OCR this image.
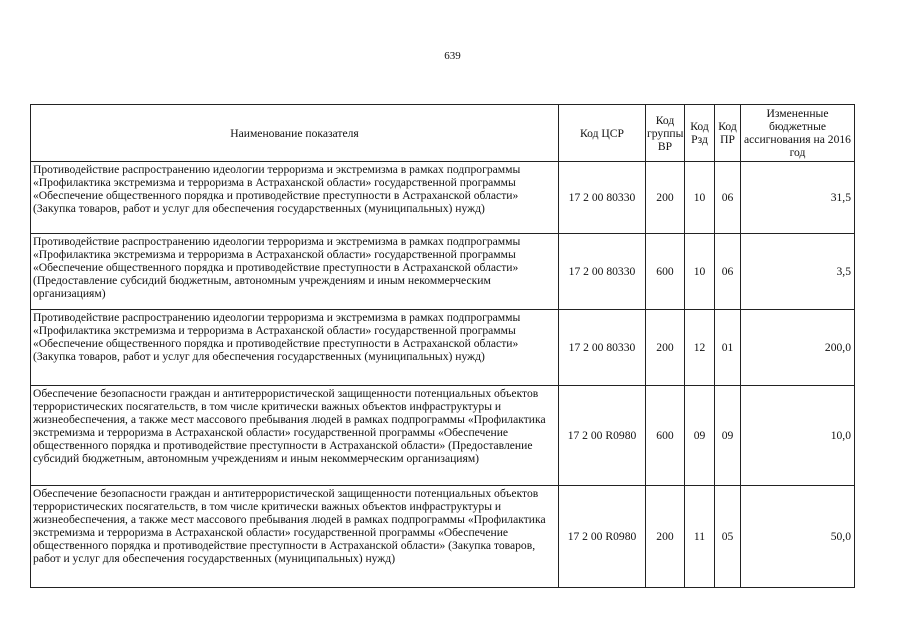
639
Наименование показателя	Код ЦСР	Код группы ВР	Код Рзд	Код ПР	Измененные бюджетные ассигнования на 2016 год
Противодействие распространению идеологии терроризма и экстремизма в рамках подпрограммы «Профилактика экстремизма и терроризма в Астраханской области» государственной программы «Обеспечение общественного порядка и противодействие преступности в Астраханской области» (Закупка товаров, работ и услуг для обеспечения государственных (муниципальных) нужд)	17 2 00 80330	200	10	06	31,5
Противодействие распространению идеологии терроризма и экстремизма в рамках подпрограммы «Профилактика экстремизма и терроризма в Астраханской области» государственной программы «Обеспечение общественного порядка и противодействие преступности в Астраханской области» (Предоставление субсидий бюджетным, автономным учреждениям и иным некоммерческим организациям)	17 2 00 80330	600	10	06	3,5
Противодействие распространению идеологии терроризма и экстремизма в рамках подпрограммы «Профилактика экстремизма и терроризма в Астраханской области» государственной программы «Обеспечение общественного порядка и противодействие преступности в Астраханской области» (Закупка товаров, работ и услуг для обеспечения государственных (муниципальных) нужд)	17 2 00 80330	200	12	01	200,0
Обеспечение безопасности граждан и антитеррористической защищенности потенциальных объектов террористических посягательств, в том числе критически важных объектов инфраструктуры и жизнеобеспечения, а также мест массового пребывания людей в рамках подпрограммы «Профилактика экстремизма и терроризма в Астраханской области» государственной программы «Обеспечение общественного порядка и противодействие преступности в Астраханской области» (Предоставление субсидий бюджетным, автономным учреждениям и иным некоммерческим организациям)	17 2 00 R0980	600	09	09	10,0
Обеспечение безопасности граждан и антитеррористической защищенности потенциальных объектов террористических посягательств, в том числе критически важных объектов инфраструктуры и жизнеобеспечения, а также мест массового пребывания людей в рамках подпрограммы «Профилактика экстремизма и терроризма в Астраханской области» государственной программы «Обеспечение общественного порядка и противодействие преступности в Астраханской области» (Закупка товаров, работ и услуг для обеспечения государственных (муниципальных) нужд)	17 2 00 R0980	200	11	05	50,0
